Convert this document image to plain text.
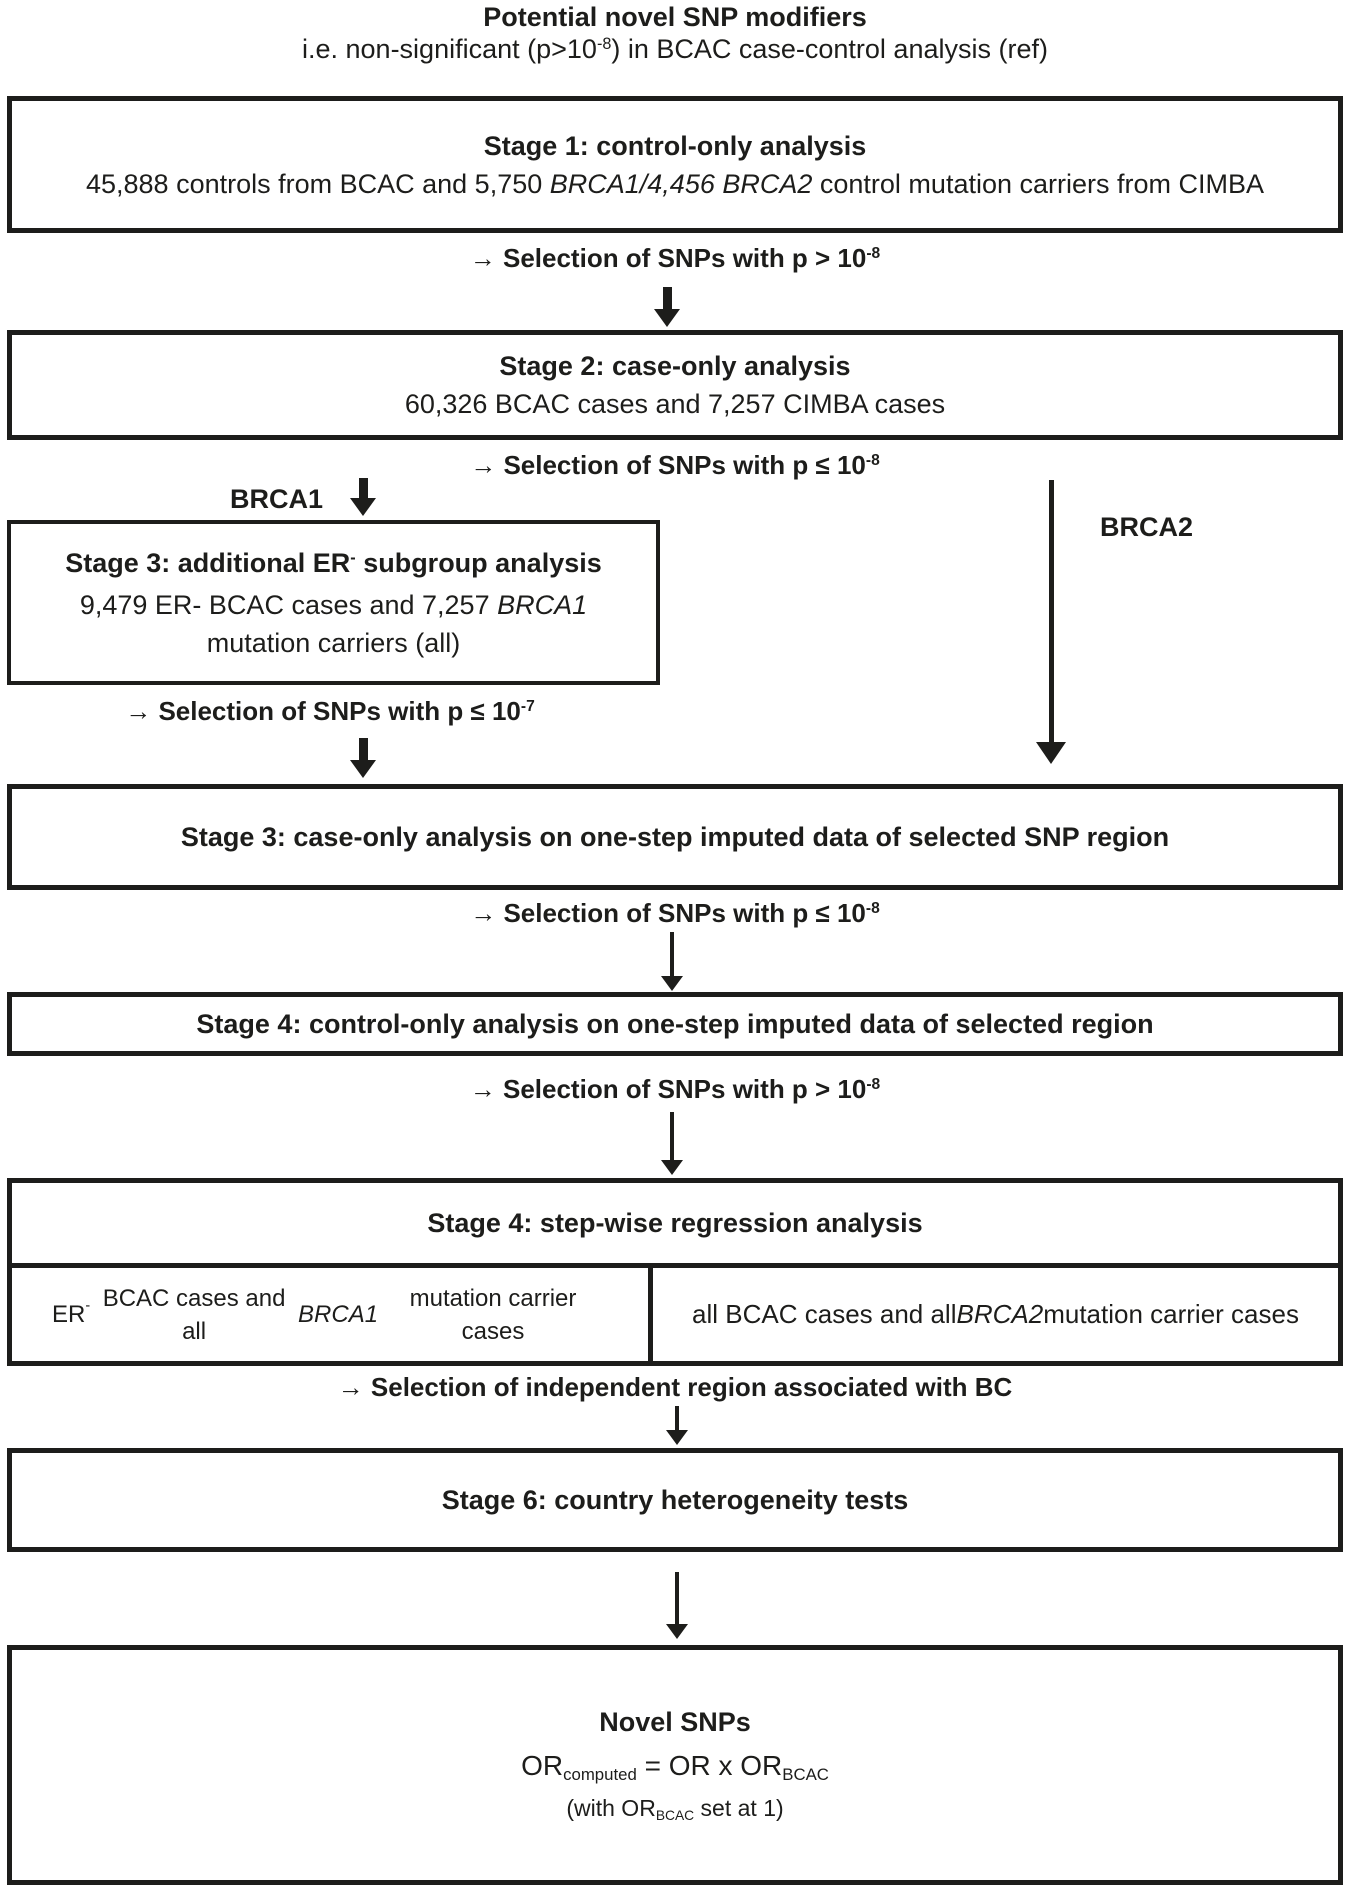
Potential novel SNP modifiers
i.e. non-significant $(p>10^{-8})$ in BCAC case-control analysis (ref)
Stage 1: control-only analysis
45,888 controls from BCAC and 5,750 BRCA1/4,456 BRCA2 control mutation carriers from CIMBA
→ Selection of SNPs with $p > 10^{-8}$
Stage 2: case-only analysis
60,326 BCAC cases and 7,257 CIMBA cases
→ Selection of SNPs with $p \le 10^{-8}$
BRCA1
BRCA2
Stage 3: additional ER- subgroup analysis
9,479 ER- BCAC cases and 7,257 BRCA1 mutation carriers (all)
→ Selection of SNPs with $p \le 10^{-7}$
Stage 3: case-only analysis on one-step imputed data of selected SNP region
→ Selection of SNPs with $p \le 10^{-8}$
Stage 4: control-only analysis on one-step imputed data of selected region
→ Selection of SNPs with $p > 10^{-8}$
Stage 4: step-wise regression analysis
ER - BCAC cases and all
BRCA1
mutation carrier cases
all BCAC cases and all BRCA2 mutation carrier cases
→ Selection of independent region associated with BC
Stage 6: country heterogeneity tests
Novel SNPs
ORcomputed = OR x ORBCAC
(with ORBCAC set at 1)
